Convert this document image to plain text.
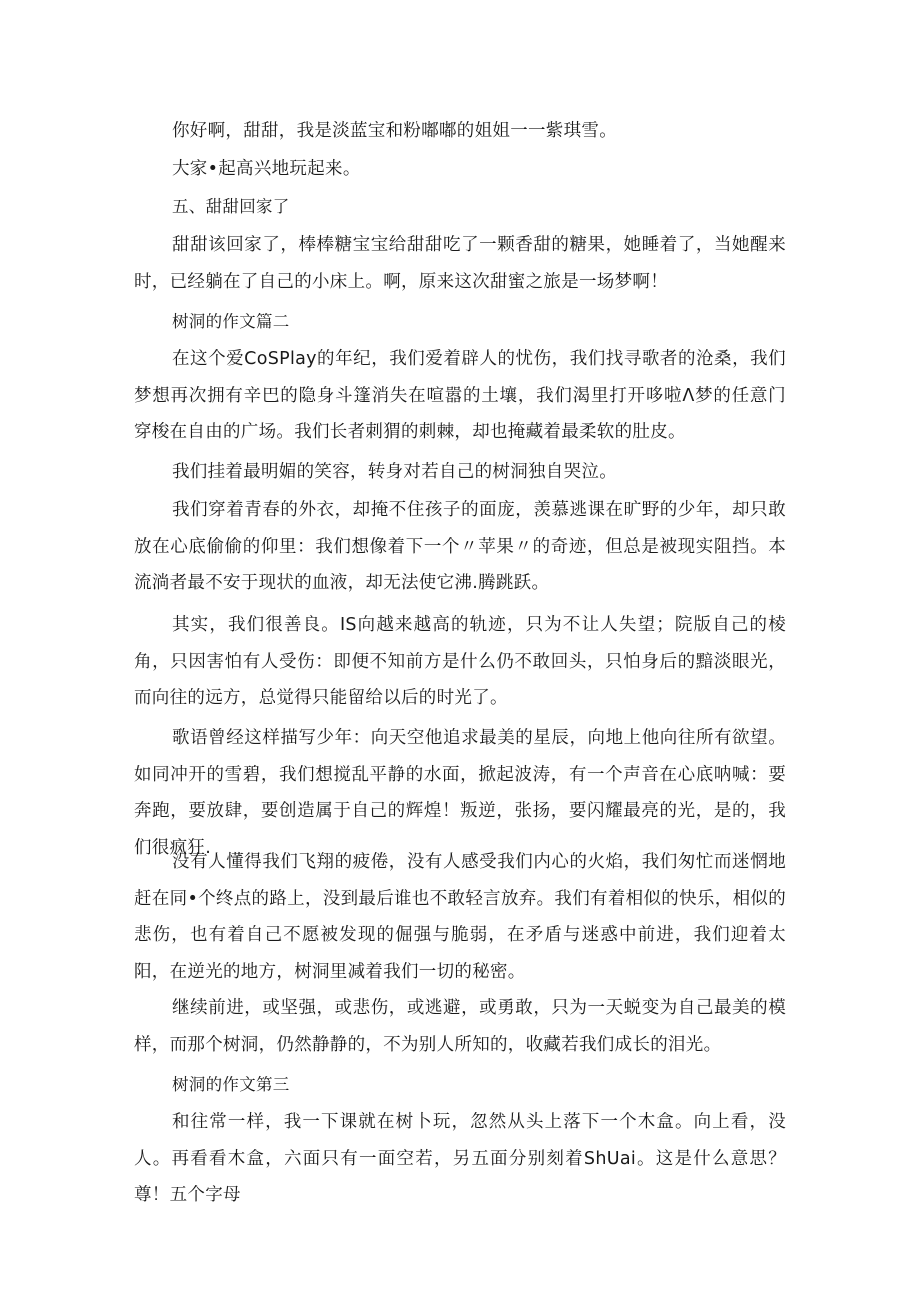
你好啊，甜甜，我是淡蓝宝和粉嘟嘟的姐姐一一紫琪雪。

大家•起高兴地玩起来。

五、甜甜回家了

甜甜该回家了，棒棒糖宝宝给甜甜吃了一颗香甜的糖果，她睡着了，当她醒来时，已经躺在了自己的小床上。啊，原来这次甜蜜之旅是一场梦啊！

树洞的作文篇二

在这个爱CoSPlay的年纪，我们爱着辟人的忧伤，我们找寻歌者的沧桑，我们梦想再次拥有辛巴的隐身斗篷消失在喧嚣的土壤，我们渴里打开哆啦Λ梦的任意门穿梭在自由的广场。我们长者刺猬的刺棘，却也掩藏着最柔软的肚皮。

我们挂着最明媚的笑容，转身对若自己的树洞独自哭泣。

我们穿着青春的外衣，却掩不住孩子的面庞，羡慕逃课在旷野的少年，却只敢放在心底偷偷的仰里：我们想像着下一个〃苹果〃的奇迹，但总是被现实阻挡。本流淌者最不安于现状的血液，却无法使它沸.腾跳跃。

其实，我们很善良。IS向越来越高的轨迹，只为不让人失望；院版自己的棱角，只因害怕有人受伤：即便不知前方是什么仍不敢回头，只怕身后的黯淡眼光，而向往的远方，总觉得只能留给以后的时光了。

歌语曾经这样描写少年：向天空他追求最美的星辰，向地上他向往所有欲望。如同冲开的雪碧，我们想搅乱平静的水面，掀起波涛，有一个声音在心底呐喊：要奔跑，要放肆，要创造属于自己的辉煌！叛逆，张扬，要闪耀最亮的光，是的，我们很疯狂.

没有人懂得我们飞翔的疲倦，没有人感受我们内心的火焰，我们匆忙而迷惘地赶在同•个终点的路上，没到最后谁也不敢轻言放弃。我们有着相似的快乐，相似的悲伤，也有着自己不愿被发现的倔强与脆弱，在矛盾与迷惑中前进，我们迎着太阳，在逆光的地方，树洞里减着我们一切的秘密。

继续前进，或坚强，或悲伤，或逃避，或勇敢，只为一天蜕变为自己最美的模样，而那个树洞，仍然静静的，不为别人所知的，收藏若我们成长的泪光。

树洞的作文第三

和往常一样，我一下课就在树卜玩，忽然从头上落下一个木盒。向上看，没人。再看看木盒，六面只有一面空若，另五面分别刻着ShUai。这是什么意思？尊！五个字母
